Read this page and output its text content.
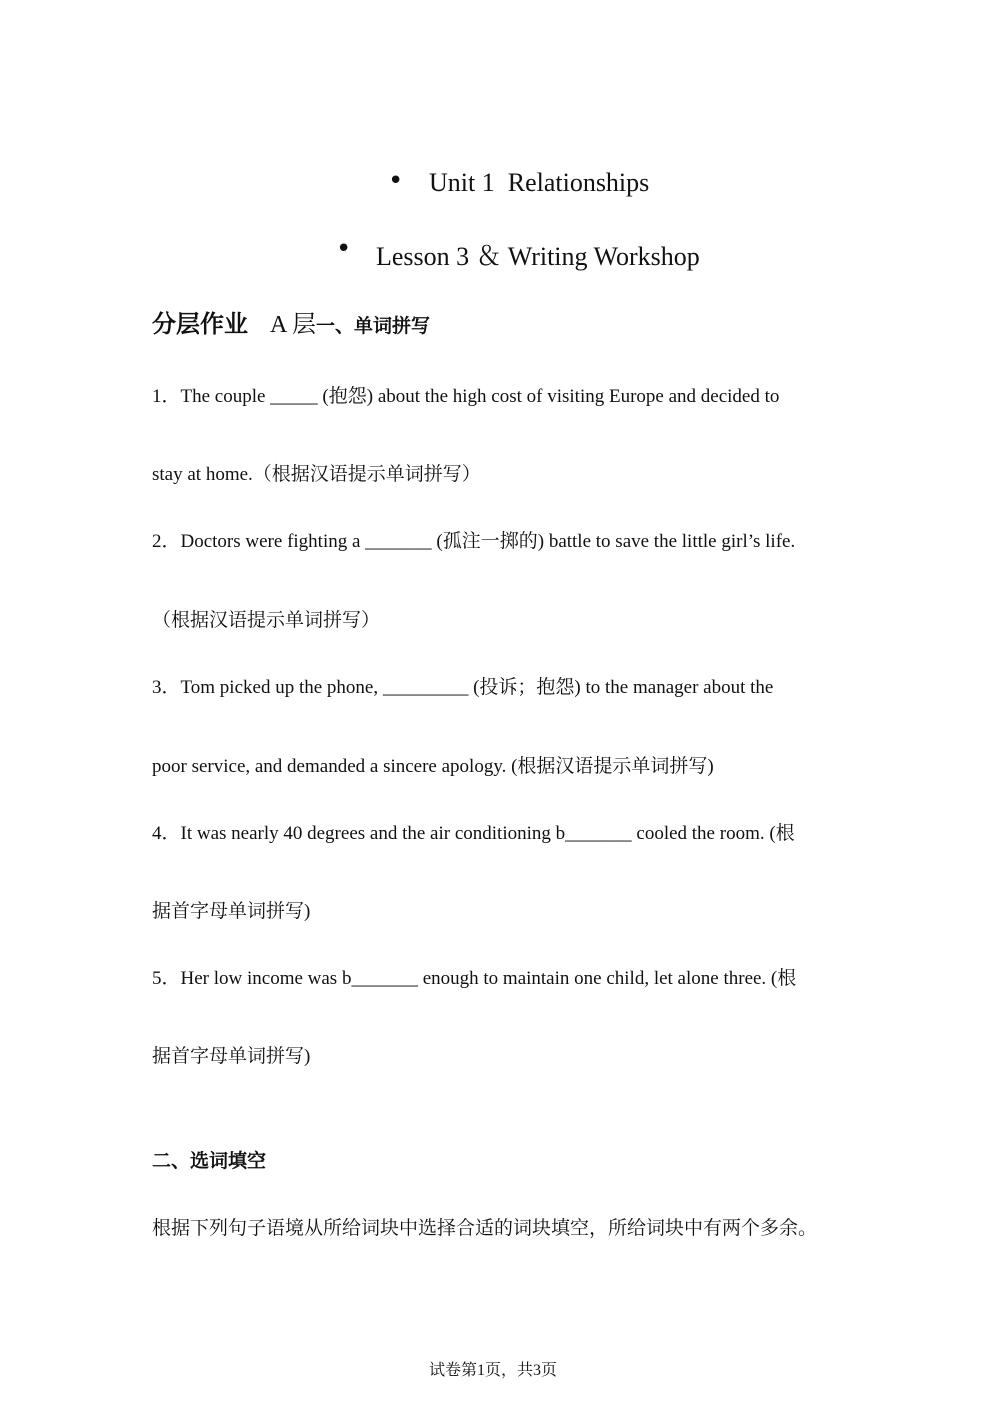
• Unit 1  Relationships
• Lesson 3 ＆ Writing Workshop
分层作业 A 层一、单词拼写
1．The couple _____ (抱怨) about the high cost of visiting Europe and decided to
stay at home.（根据汉语提示单词拼写）
2．Doctors were fighting a _______ (孤注一掷的) battle to save the little girl’s life.
（根据汉语提示单词拼写）
3．Tom picked up the phone, _________ (投诉；抱怨) to the manager about the
poor service, and demanded a sincere apology. (根据汉语提示单词拼写)
4．It was nearly 40 degrees and the air conditioning b_______ cooled the room. (根
据首字母单词拼写)
5．Her low income was b_______ enough to maintain one child, let alone three. (根
据首字母单词拼写)
二、选词填空
根据下列句子语境从所给词块中选择合适的词块填空，所给词块中有两个多余。
试卷第1页，共3页
